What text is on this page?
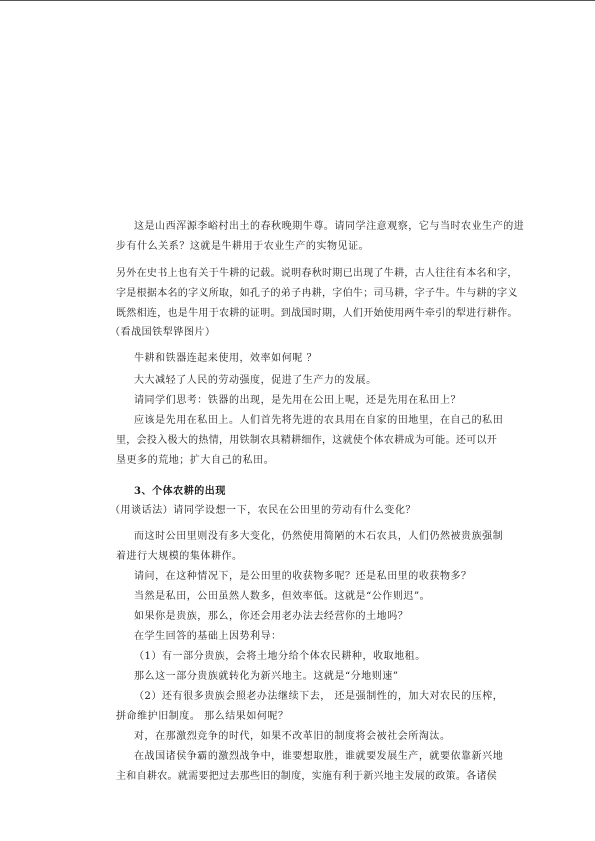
这是山西浑源李峪村出土的春秋晚期牛尊。请同学注意观察，它与当时农业生产的进
步有什么关系？这就是牛耕用于农业生产的实物见证。
另外在史书上也有关于牛耕的记载。说明春秋时期已出现了牛耕，古人往往有本名和字，
字是根据本名的字义所取，如孔子的弟子冉耕，字伯牛；司马耕，字子牛。牛与耕的字义
既然相连，也是牛用于农耕的证明。到战国时期，人们开始使用两牛牵引的犁进行耕作。
（看战国铁犁铧图片）
牛耕和铁器连起来使用，效率如何呢 ？
大大减轻了人民的劳动强度，促进了生产力的发展。
请同学们思考：铁器的出现，是先用在公田上呢，还是先用在私田上？
应该是先用在私田上。人们首先将先进的农具用在自家的田地里，在自己的私田
里，会投入极大的热情，用铁制农具精耕细作，这就使个体农耕成为可能。还可以开
垦更多的荒地；扩大自己的私田。
3、个体农耕的出现
（用谈话法）请同学设想一下，农民在公田里的劳动有什么变化？
而这时公田里则没有多大变化，仍然使用简陋的木石农具，人们仍然被贵族强制
着进行大规模的集体耕作。
请问，在这种情况下，是公田里的收获物多呢？还是私田里的收获物多？
当然是私田，公田虽然人数多，但效率低。这就是“公作则迟”。
如果你是贵族，那么，你还会用老办法去经营你的土地吗？
在学生回答的基础上因势利导：
（1）有一部分贵族，会将土地分给个体农民耕种，收取地租。
那么这一部分贵族就转化为新兴地主。这就是“分地则速”
（2）还有很多贵族会照老办法继续下去， 还是强制性的，加大对农民的压榨，
拼命维护旧制度。 那么结果如何呢？
对，在那激烈竞争的时代，如果不改革旧的制度将会被社会所淘汰。
在战国诸侯争霸的激烈战争中，谁要想取胜，谁就要发展生产，就要依靠新兴地
主和自耕农。就需要把过去那些旧的制度，实施有利于新兴地主发展的政策。各诸侯
